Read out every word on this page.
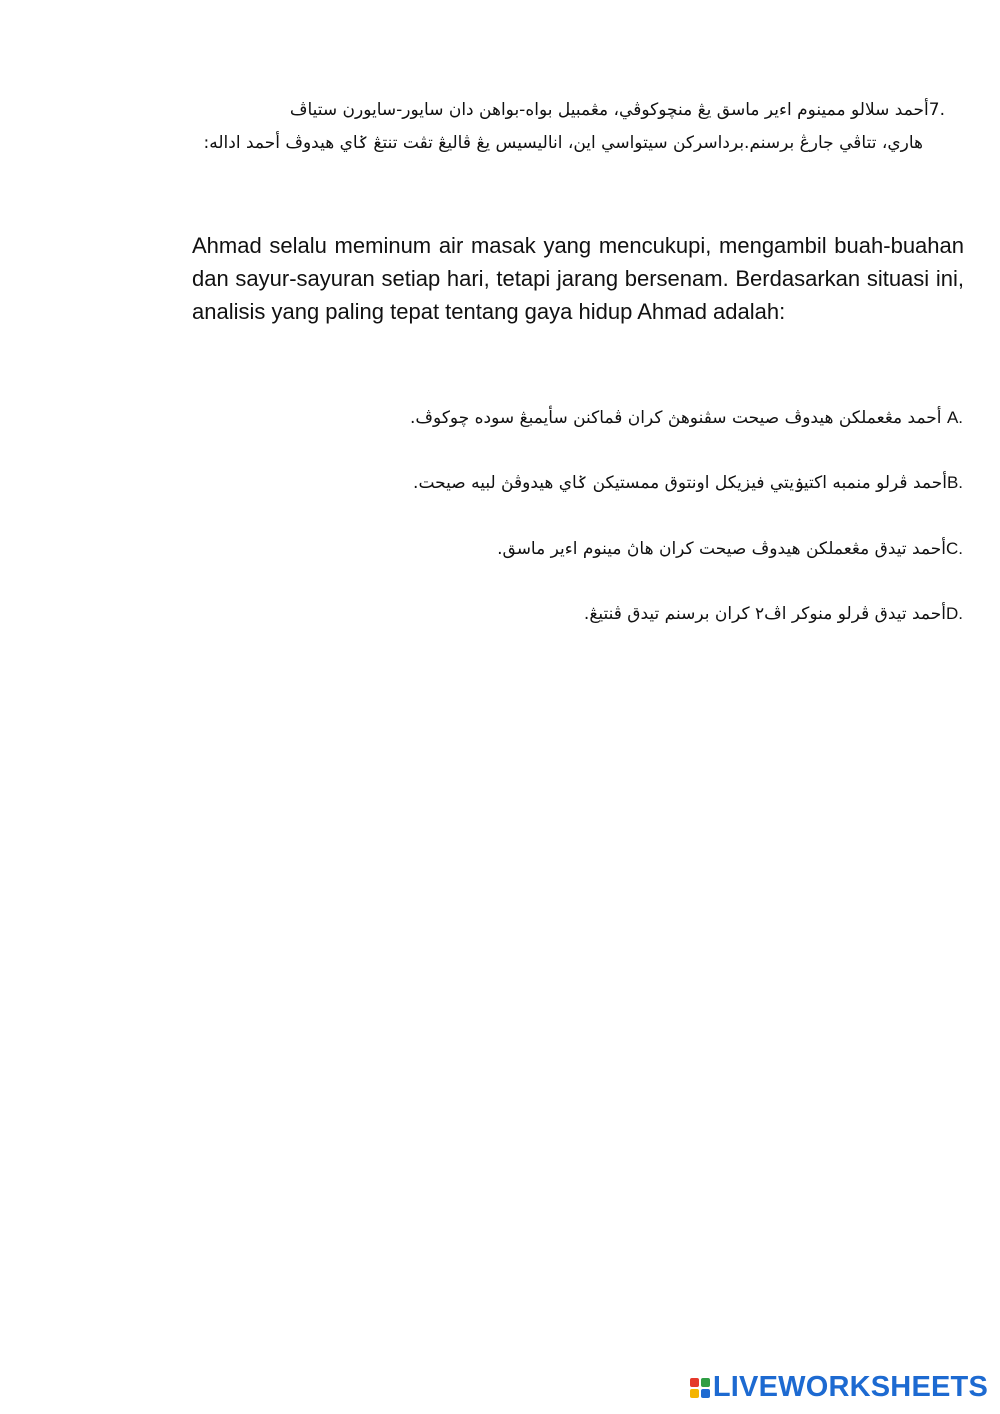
7.أحمد سلالو ممينوم اءير ماسق يڠ منچوكوڤي، مڠمبيل بواه-بواهن دان سايور-سايورن ستياڤ
هاري، تتاڤي جارڠ برسنم.برداسركن سيتواسي اين، اناليسيس يڠ ڤاليڠ تڤت تنتڠ ݢاي هيدوڤ أحمد اداله:
Ahmad selalu meminum air masak yang mencukupi, mengambil buah-buahan dan sayur-sayuran setiap hari, tetapi jarang bersenam. Berdasarkan situasi ini, analisis yang paling tepat tentang gaya hidup Ahmad adalah:
A. أحمد مڠعملكن هيدوڤ صيحت سڤنوهڽ كران ڤماكنن سأيمبڠ سوده چوكوڤ.
B.أحمد ڤرلو منمبه اكتيۏيتي فيزيكل اونتوق ممستيكن ݢاي هيدوڤڽ لبيه صيحت.
C.أحمد تيدق مڠعملكن هيدوڤ صيحت كران هاڽ مينوم اءير ماسق.
D.أحمد تيدق ڤرلو منوكر اڤ٢ كران برسنم تيدق ڤنتيڠ.
LIVEWORKSHEETS
